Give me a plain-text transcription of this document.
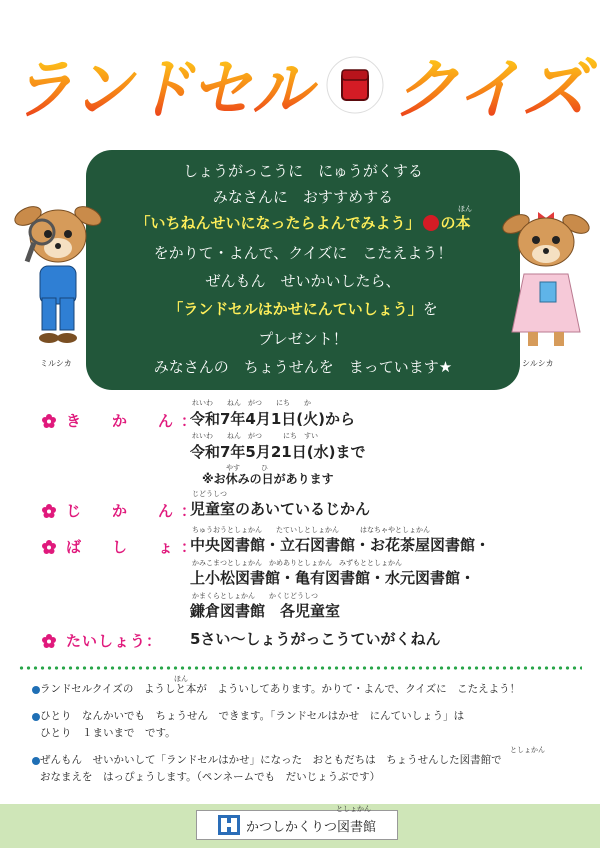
ランドセル クイズ
しょうがっこうに　にゅうがくする
みなさんに　おすすめする
「いちねんせいになったらよんでみよう」 の本
ほん
をかりて・よんで、クイズに　こたえよう！
ぜんもん　せいかいしたら、
「ランドセルはかせにんていしょう」を
プレゼント！
みなさんの　ちょうせんを　まっています★
ミルシカ	シルシカ
き　か　ん：
れいわ　　ねん　がつ　　にち　　か
令和7年4月1日(火)から
れいわ　　ねん　がつ　　　にち　すい
令和7年5月21日(水)まで
やす　　　ひ
※お休みの日があります
じ　か　ん：
じどうしつ
児童室のあいているじかん
ば　し　ょ：
ちゅうおうとしょかん　　たていしとしょかん　　　はなちゃやとしょかん
中央図書館・立石図書館・お花茶屋図書館・
かみこまつとしょかん　かめありとしょかん　みずもととしょかん
上小松図書館・亀有図書館・水元図書館・
かまくらとしょかん　　かくじどうしつ
鎌倉図書館　各児童室
たいしょう：	5さい～しょうがっこうていがくねん
ほん
ランドセルクイズの　ようしと本が　よういしてあります。かりて・よんで、クイズに　こたえよう！
ひとり　なんかいでも　ちょうせん　できます。「ランドセルはかせ　にんていしょう」は
ひとり　１まいまで　です。
としょかん
ぜんもん　せいかいして「ランドセルはかせ」になった　おともだちは　ちょうせんした図書館で
おなまえを　はっぴょうします。（ペンネームでも　だいじょうぶです）
かつしかくりつ図書館
としょかん
